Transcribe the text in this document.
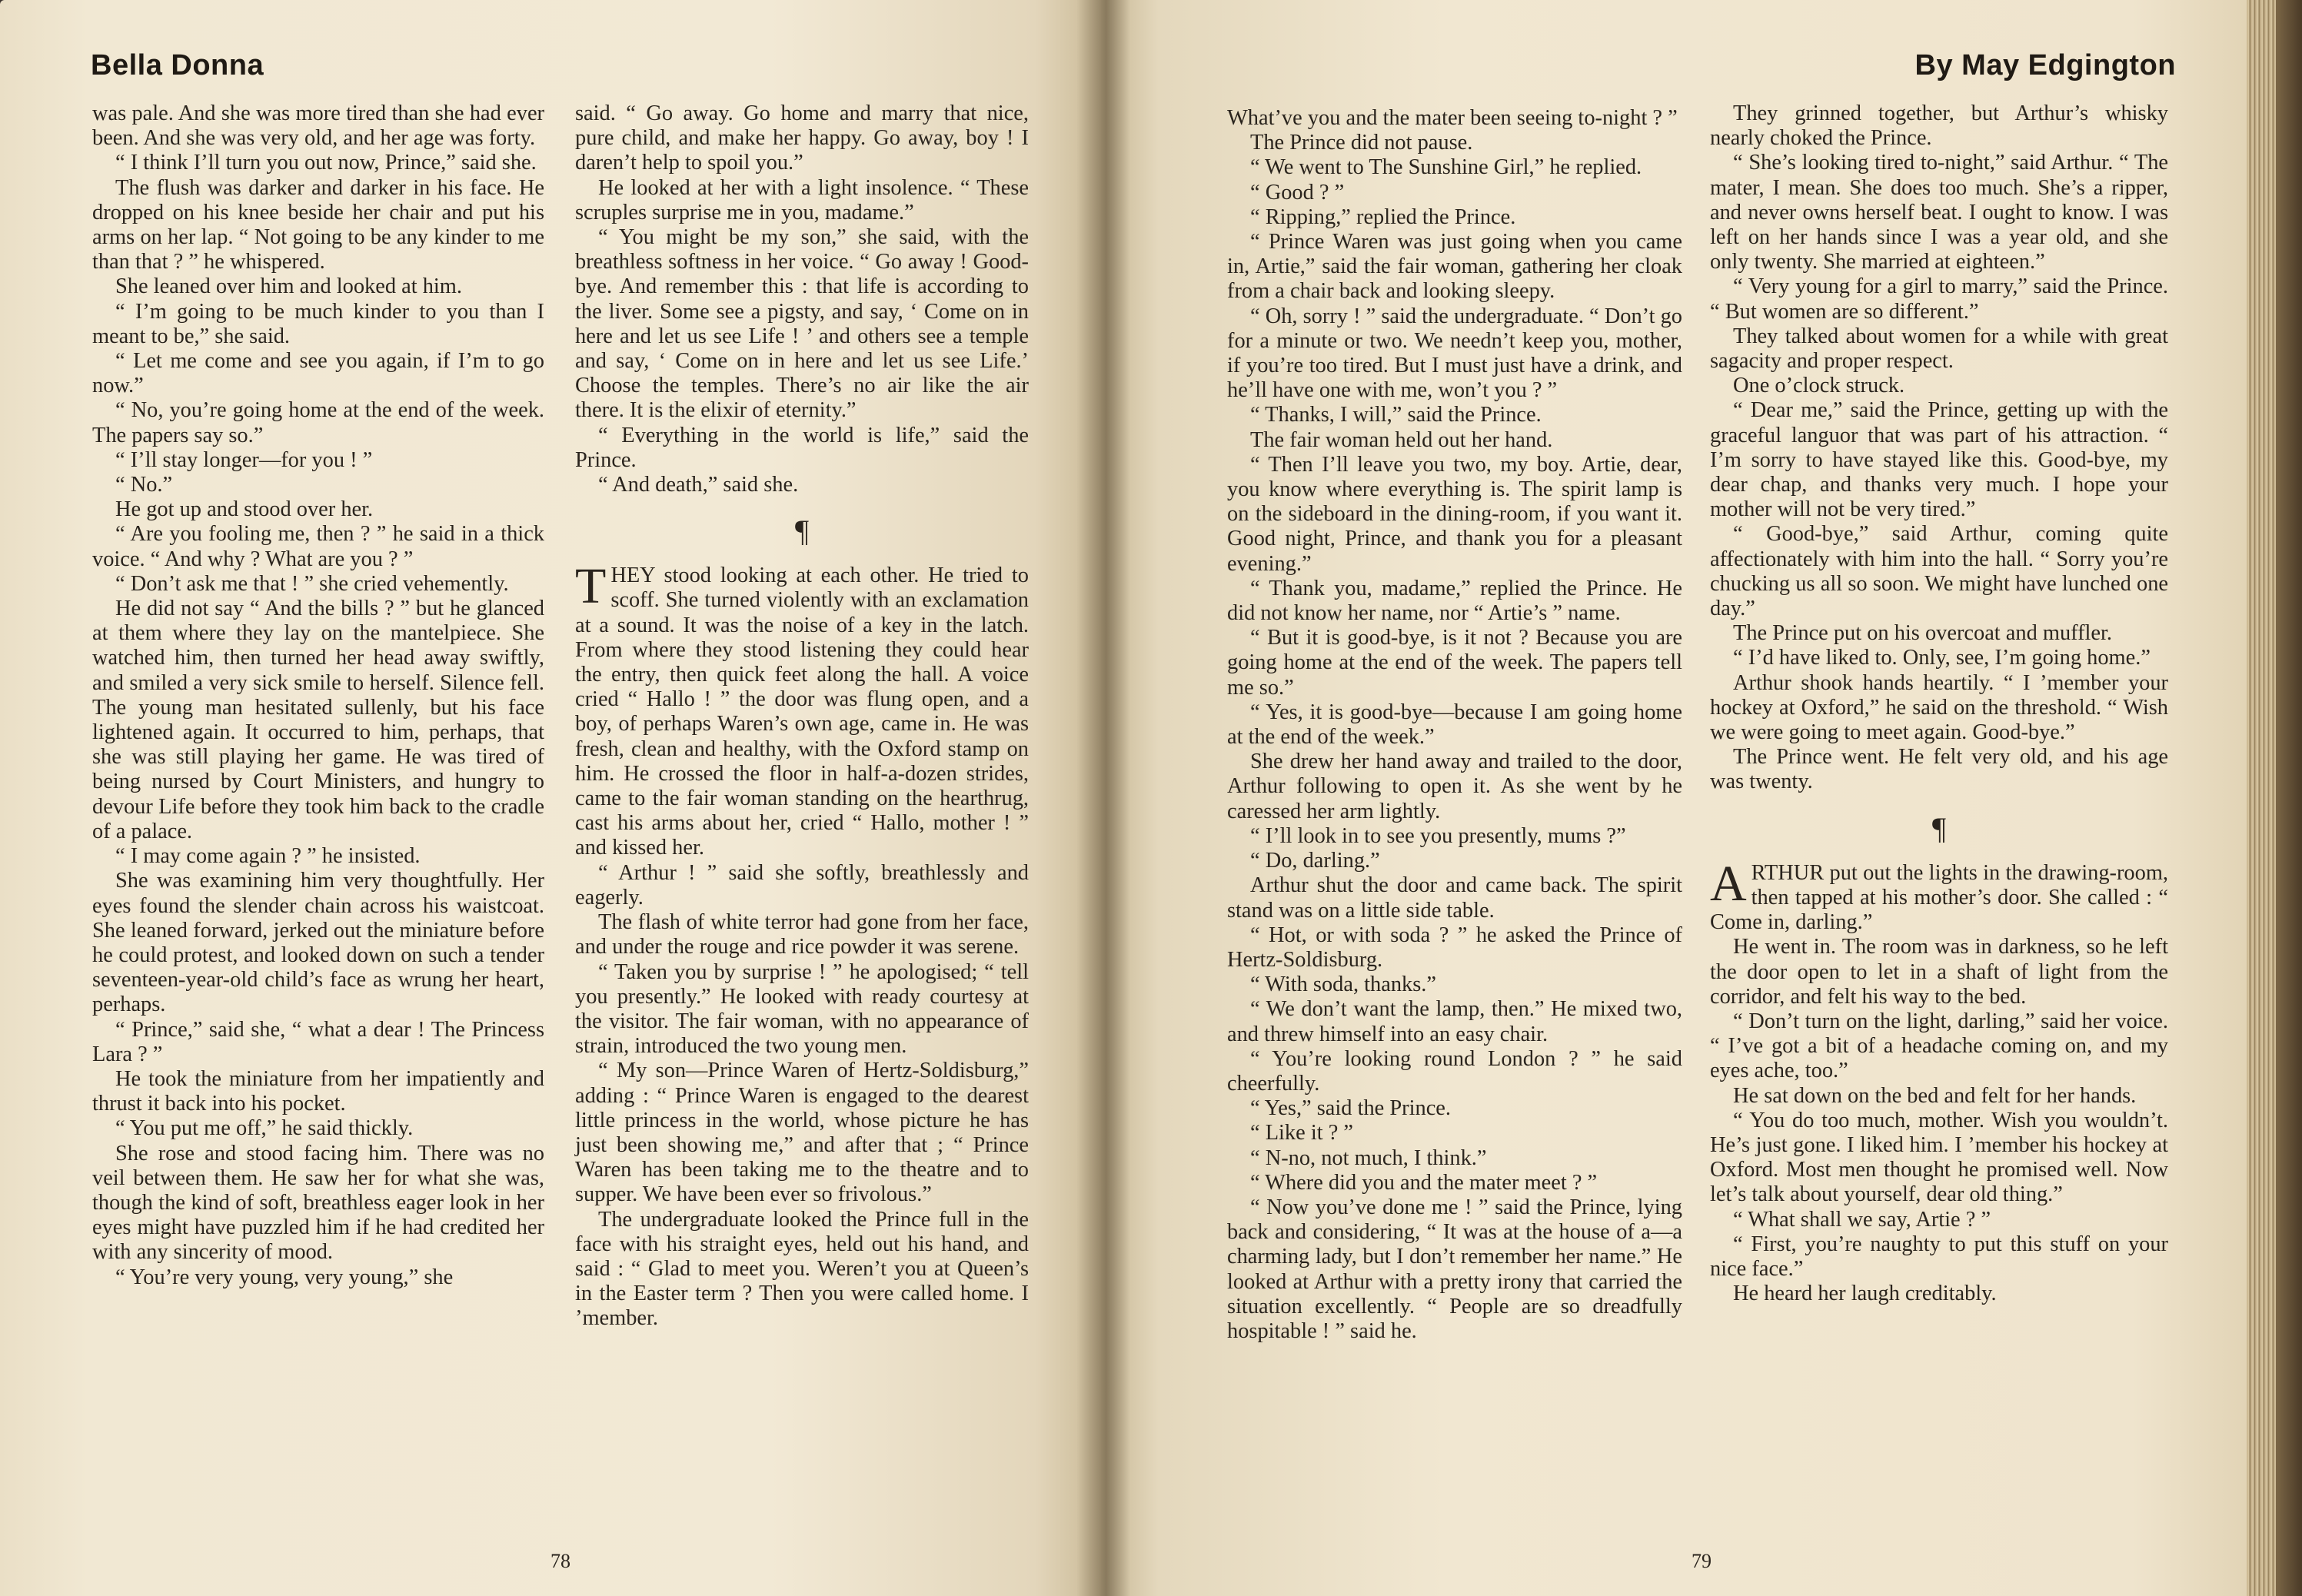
Bella Donna

was pale. And she was more tired than she had ever been. And she was very old, and her age was forty.

“ I think I’ll turn you out now, Prince,” said she.

The flush was darker and darker in his face. He dropped on his knee beside her chair and put his arms on her lap. “ Not going to be any kinder to me than that ? ” he whispered.

She leaned over him and looked at him.

“ I’m going to be much kinder to you than I meant to be,” she said.

“ Let me come and see you again, if I’m to go now.”

“ No, you’re going home at the end of the week. The papers say so.”

“ I’ll stay longer—for you ! ”

“ No.”

He got up and stood over her.

“ Are you fooling me, then ? ” he said in a thick voice. “ And why ? What are you ? ”

“ Don’t ask me that ! ” she cried vehemently.

He did not say “ And the bills ? ” but he glanced at them where they lay on the mantelpiece. She watched him, then turned her head away swiftly, and smiled a very sick smile to herself. Silence fell. The young man hesitated sullenly, but his face lightened again. It occurred to him, perhaps, that she was still playing her game. He was tired of being nursed by Court Ministers, and hungry to devour Life before they took him back to the cradle of a palace.

“ I may come again ? ” he insisted.

She was examining him very thoughtfully. Her eyes found the slender chain across his waistcoat. She leaned forward, jerked out the miniature before he could protest, and looked down on such a tender seventeen-year-old child’s face as wrung her heart, perhaps.

“ Prince,” said she, “ what a dear ! The Princess Lara ? ”

He took the miniature from her impatiently and thrust it back into his pocket.

“ You put me off,” he said thickly.

She rose and stood facing him. There was no veil between them. He saw her for what she was, though the kind of soft, breathless eager look in her eyes might have puzzled him if he had credited her with any sincerity of mood.

“ You’re very young, very young,” she

said. “ Go away. Go home and marry that nice, pure child, and make her happy. Go away, boy ! I daren’t help to spoil you.”

He looked at her with a light insolence. “ These scruples surprise me in you, madame.”

“ You might be my son,” she said, with the breathless softness in her voice. “ Go away ! Good-bye. And remember this : that life is according to the liver. Some see a pigsty, and say, ‘ Come on in here and let us see Life ! ’ and others see a temple and say, ‘ Come on in here and let us see Life.’ Choose the temples. There’s no air like the air there. It is the elixir of eternity.”

“ Everything in the world is life,” said the Prince.

“ And death,” said she.

¶

THEY stood looking at each other. He tried to scoff. She turned violently with an exclamation at a sound. It was the noise of a key in the latch. From where they stood listening they could hear the entry, then quick feet along the hall. A voice cried “ Hallo ! ” the door was flung open, and a boy, of perhaps Waren’s own age, came in. He was fresh, clean and healthy, with the Oxford stamp on him. He crossed the floor in half-a-dozen strides, came to the fair woman standing on the hearthrug, cast his arms about her, cried “ Hallo, mother ! ” and kissed her.

“ Arthur ! ” said she softly, breathlessly and eagerly.

The flash of white terror had gone from her face, and under the rouge and rice powder it was serene.

“ Taken you by surprise ! ” he apologised; “ tell you presently.” He looked with ready courtesy at the visitor. The fair woman, with no appearance of strain, introduced the two young men.

“ My son—Prince Waren of Hertz-Soldisburg,” adding : “ Prince Waren is engaged to the dearest little princess in the world, whose picture he has just been showing me,” and after that ; “ Prince Waren has been taking me to the theatre and to supper. We have been ever so frivolous.”

The undergraduate looked the Prince full in the face with his straight eyes, held out his hand, and said : “ Glad to meet you. Weren’t you at Queen’s in the Easter term ? Then you were called home. I ’member.

78
By May Edgington

What’ve you and the mater been seeing to-night ? ”

The Prince did not pause.

“ We went to The Sunshine Girl,” he replied.

“ Good ? ”

“ Ripping,” replied the Prince.

“ Prince Waren was just going when you came in, Artie,” said the fair woman, gathering her cloak from a chair back and looking sleepy.

“ Oh, sorry ! ” said the undergraduate. “ Don’t go for a minute or two. We needn’t keep you, mother, if you’re too tired. But I must just have a drink, and he’ll have one with me, won’t you ? ”

“ Thanks, I will,” said the Prince.

The fair woman held out her hand.

“ Then I’ll leave you two, my boy. Artie, dear, you know where everything is. The spirit lamp is on the sideboard in the dining-room, if you want it. Good night, Prince, and thank you for a pleasant evening.”

“ Thank you, madame,” replied the Prince. He did not know her name, nor “ Artie’s ” name.

“ But it is good-bye, is it not ? Because you are going home at the end of the week. The papers tell me so.”

“ Yes, it is good-bye—because I am going home at the end of the week.”

She drew her hand away and trailed to the door, Arthur following to open it. As she went by he caressed her arm lightly.

“ I’ll look in to see you presently, mums ?”

“ Do, darling.”

Arthur shut the door and came back. The spirit stand was on a little side table.

“ Hot, or with soda ? ” he asked the Prince of Hertz-Soldisburg.

“ With soda, thanks.”

“ We don’t want the lamp, then.” He mixed two, and threw himself into an easy chair.

“ You’re looking round London ? ” he said cheerfully.

“ Yes,” said the Prince.

“ Like it ? ”

“ N-no, not much, I think.”

“ Where did you and the mater meet ? ”

“ Now you’ve done me ! ” said the Prince, lying back and considering, “ It was at the house of a—a charming lady, but I don’t remember her name.” He looked at Arthur with a pretty irony that carried the situation excellently. “ People are so dreadfully hospitable ! ” said he.

They grinned together, but Arthur’s whisky nearly choked the Prince.

“ She’s looking tired to-night,” said Arthur. “ The mater, I mean. She does too much. She’s a ripper, and never owns herself beat. I ought to know. I was left on her hands since I was a year old, and she only twenty. She married at eighteen.”

“ Very young for a girl to marry,” said the Prince. “ But women are so different.”

They talked about women for a while with great sagacity and proper respect.

One o’clock struck.

“ Dear me,” said the Prince, getting up with the graceful languor that was part of his attraction. “ I’m sorry to have stayed like this. Good-bye, my dear chap, and thanks very much. I hope your mother will not be very tired.”

“ Good-bye,” said Arthur, coming quite affectionately with him into the hall. “ Sorry you’re chucking us all so soon. We might have lunched one day.”

The Prince put on his overcoat and muffler.

“ I’d have liked to. Only, see, I’m going home.”

Arthur shook hands heartily. “ I ’member your hockey at Oxford,” he said on the threshold. “ Wish we were going to meet again. Good-bye.”

The Prince went. He felt very old, and his age was twenty.

¶

ARTHUR put out the lights in the drawing-room, then tapped at his mother’s door. She called : “ Come in, darling.”

He went in. The room was in darkness, so he left the door open to let in a shaft of light from the corridor, and felt his way to the bed.

“ Don’t turn on the light, darling,” said her voice. “ I’ve got a bit of a headache coming on, and my eyes ache, too.”

He sat down on the bed and felt for her hands.

“ You do too much, mother. Wish you wouldn’t. He’s just gone. I liked him. I ’member his hockey at Oxford. Most men thought he promised well. Now let’s talk about yourself, dear old thing.”

“ What shall we say, Artie ? ”

“ First, you’re naughty to put this stuff on your nice face.”

He heard her laugh creditably.

79
